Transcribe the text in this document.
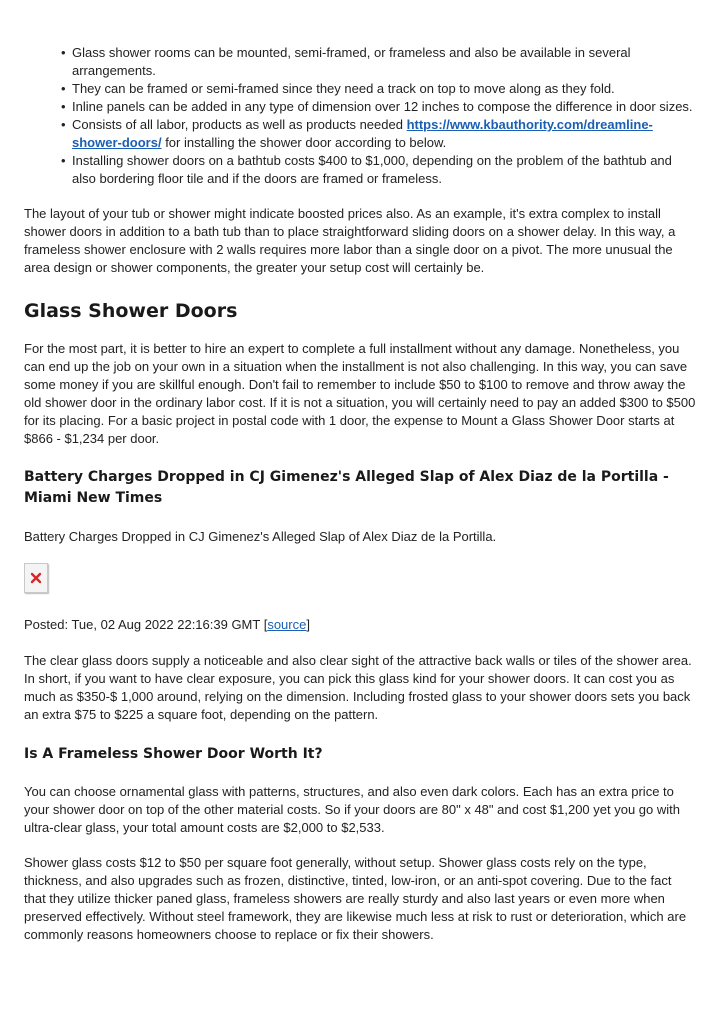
• Glass shower rooms can be mounted, semi-framed, or frameless and also be available in several arrangements.
• They can be framed or semi-framed since they need a track on top to move along as they fold.
• Inline panels can be added in any type of dimension over 12 inches to compose the difference in door sizes.
• Consists of all labor, products as well as products needed https://www.kbauthority.com/dreamline-shower-doors/ for installing the shower door according to below.
• Installing shower doors on a bathtub costs $400 to $1,000, depending on the problem of the bathtub and also bordering floor tile and if the doors are framed or frameless.

The layout of your tub or shower might indicate boosted prices also. As an example, it's extra complex to install shower doors in addition to a bath tub than to place straightforward sliding doors on a shower delay. In this way, a frameless shower enclosure with 2 walls requires more labor than a single door on a pivot. The more unusual the area design or shower components, the greater your setup cost will certainly be.

Glass Shower Doors

For the most part, it is better to hire an expert to complete a full installment without any damage. Nonetheless, you can end up the job on your own in a situation when the installment is not also challenging. In this way, you can save some money if you are skillful enough. Don't fail to remember to include $50 to $100 to remove and throw away the old shower door in the ordinary labor cost. If it is not a situation, you will certainly need to pay an added $300 to $500 for its placing. For a basic project in postal code with 1 door, the expense to Mount a Glass Shower Door starts at $866 - $1,234 per door.

Battery Charges Dropped in CJ Gimenez's Alleged Slap of Alex Diaz de la Portilla - Miami New Times

Battery Charges Dropped in CJ Gimenez's Alleged Slap of Alex Diaz de la Portilla.

Posted: Tue, 02 Aug 2022 22:16:39 GMT [source]

The clear glass doors supply a noticeable and also clear sight of the attractive back walls or tiles of the shower area. In short, if you want to have clear exposure, you can pick this glass kind for your shower doors. It can cost you as much as $350-$ 1,000 around, relying on the dimension. Including frosted glass to your shower doors sets you back an extra $75 to $225 a square foot, depending on the pattern.

Is A Frameless Shower Door Worth It?

You can choose ornamental glass with patterns, structures, and also even dark colors. Each has an extra price to your shower door on top of the other material costs. So if your doors are 80" x 48" and cost $1,200 yet you go with ultra-clear glass, your total amount costs are $2,000 to $2,533.

Shower glass costs $12 to $50 per square foot generally, without setup. Shower glass costs rely on the type, thickness, and also upgrades such as frozen, distinctive, tinted, low-iron, or an anti-spot covering. Due to the fact that they utilize thicker paned glass, frameless showers are really sturdy and also last years or even more when preserved effectively. Without steel framework, they are likewise much less at risk to rust or deterioration, which are commonly reasons homeowners choose to replace or fix their showers.
